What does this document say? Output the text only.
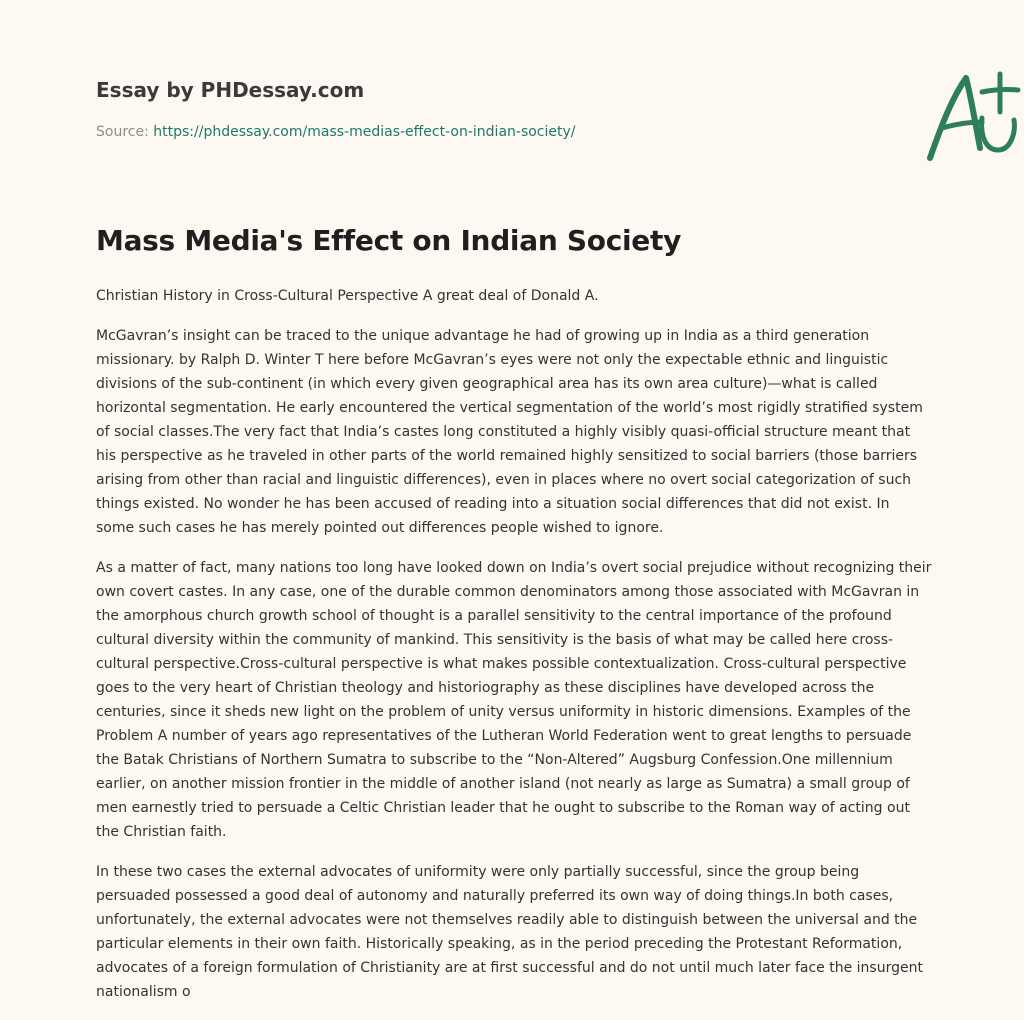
Essay by PHDessay.com
Source: https://phdessay.com/mass-medias-effect-on-indian-society/
Mass Media's Effect on Indian Society

Christian History in Cross-Cultural Perspective A great deal of Donald A.

McGavran’s insight can be traced to the unique advantage he had of growing up in India as a third generation missionary. by Ralph D. Winter T here before McGavran’s eyes were not only the expectable ethnic and linguistic divisions of the sub-continent (in which every given geographical area has its own area culture)—what is called horizontal segmentation. He early encountered the vertical segmentation of the world’s most rigidly stratified system of social classes.The very fact that India’s castes long constituted a highly visibly quasi-official structure meant that his perspective as he traveled in other parts of the world remained highly sensitized to social barriers (those barriers arising from other than racial and linguistic differences), even in places where no overt social categorization of such things existed. No wonder he has been accused of reading into a situation social differences that did not exist. In some such cases he has merely pointed out differences people wished to ignore.

As a matter of fact, many nations too long have looked down on India’s overt social prejudice without recognizing their own covert castes. In any case, one of the durable common denominators among those associated with McGavran in the amorphous church growth school of thought is a parallel sensitivity to the central importance of the profound cultural diversity within the community of mankind. This sensitivity is the basis of what may be called here cross-cultural perspective.Cross-cultural perspective is what makes possible contextualization. Cross-cultural perspective goes to the very heart of Christian theology and historiography as these disciplines have developed across the centuries, since it sheds new light on the problem of unity versus uniformity in historic dimensions. Examples of the Problem A number of years ago representatives of the Lutheran World Federation went to great lengths to persuade the Batak Christians of Northern Sumatra to subscribe to the “Non-Altered” Augsburg Confession.One millennium earlier, on another mission frontier in the middle of another island (not nearly as large as Sumatra) a small group of men earnestly tried to persuade a Celtic Christian leader that he ought to subscribe to the Roman way of acting out the Christian faith.

In these two cases the external advocates of uniformity were only partially successful, since the group being persuaded possessed a good deal of autonomy and naturally preferred its own way of doing things.In both cases, unfortunately, the external advocates were not themselves readily able to distinguish between the universal and the particular elements in their own faith. Historically speaking, as in the period preceding the Protestant Reformation, advocates of a foreign formulation of Christianity are at first successful and do not until much later face the insurgent nationalism o
